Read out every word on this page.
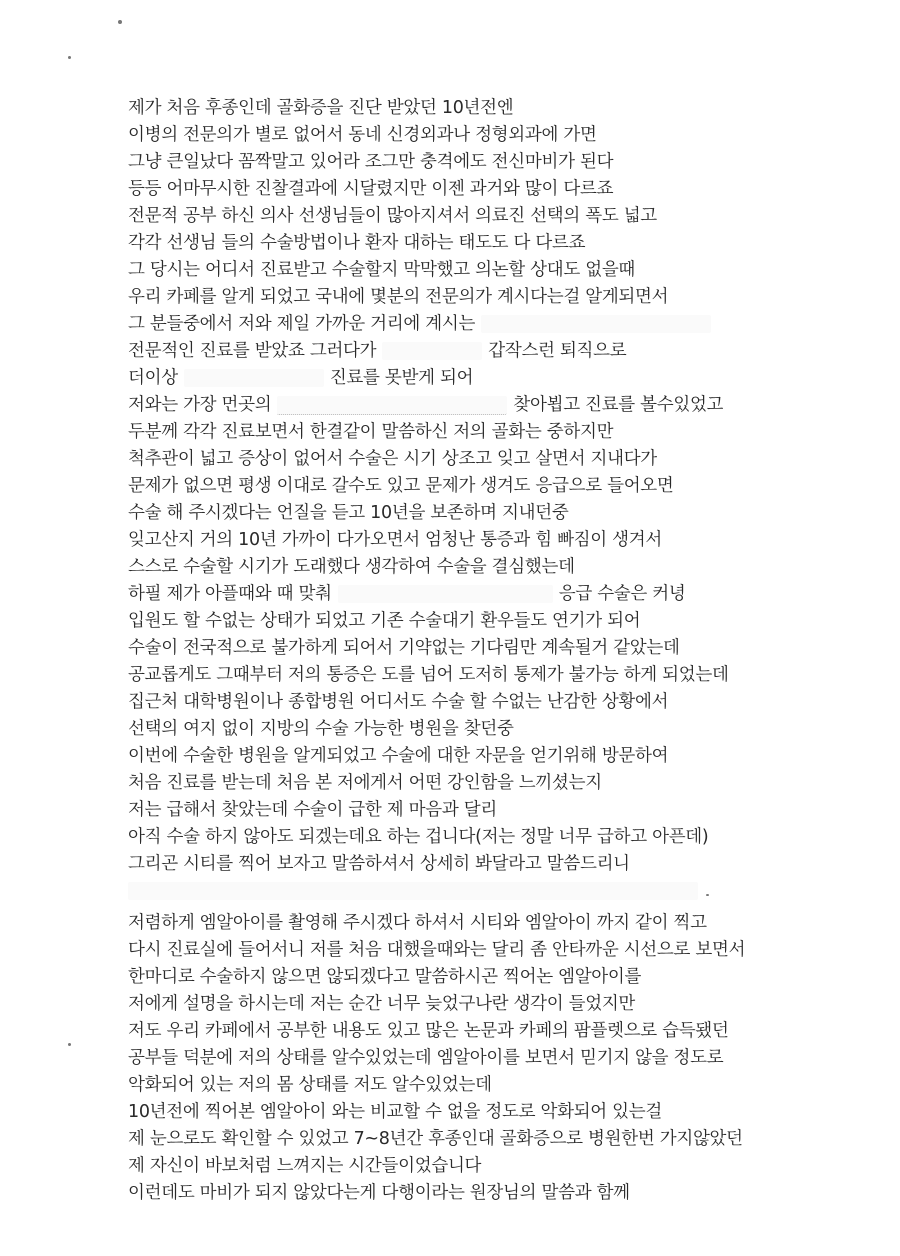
제가 처음 후종인데 골화증을 진단 받았던 10년전엔
이병의 전문의가 별로 없어서 동네 신경외과나 정형외과에 가면
그냥 큰일났다 꼼짝말고 있어라 조그만 충격에도 전신마비가 된다
등등 어마무시한 진찰결과에 시달렸지만 이젠 과거와 많이 다르죠
전문적 공부 하신 의사 선생님들이 많아지셔서 의료진 선택의 폭도 넓고
각각 선생님 들의 수술방법이나 환자 대하는 태도도 다 다르죠
그 당시는 어디서 진료받고 수술할지 막막했고 의논할 상대도 없을때
우리 카페를 알게 되었고 국내에 몇분의 전문의가 계시다는걸 알게되면서
그 분들중에서 저와 제일 가까운 거리에 계시는
전문적인 진료를 받았죠 그러다가	갑작스런 퇴직으로
더이상	진료를 못받게 되어
저와는 가장 먼곳의	찾아뵙고 진료를 볼수있었고
두분께 각각 진료보면서 한결같이 말씀하신 저의 골화는 중하지만
척추관이 넓고 증상이 없어서 수술은 시기 상조고 잊고 살면서 지내다가
문제가 없으면 평생 이대로 갈수도 있고 문제가 생겨도 응급으로 들어오면
수술 해 주시겠다는 언질을 듣고 10년을 보존하며 지내던중
잊고산지 거의 10년 가까이 다가오면서 엄청난 통증과 힘 빠짐이 생겨서
스스로 수술할 시기가 도래했다 생각하여 수술을 결심했는데
하필 제가 아플때와 때 맞춰	응급 수술은 커녕
입원도 할 수없는 상태가 되었고 기존 수술대기 환우들도 연기가 되어
수술이 전국적으로 불가하게 되어서 기약없는 기다림만 계속될거 같았는데
공교롭게도 그때부터 저의 통증은 도를 넘어 도저히 통제가 불가능 하게 되었는데
집근처 대학병원이나 종합병원 어디서도 수술 할 수없는 난감한 상황에서
선택의 여지 없이 지방의 수술 가능한 병원을 찾던중
이번에 수술한 병원을 알게되었고 수술에 대한 자문을 얻기위해 방문하여
처음 진료를 받는데 처음 본 저에게서 어떤 강인함을 느끼셨는지
저는 급해서 찾았는데 수술이 급한 제 마음과 달리
아직 수술 하지 않아도 되겠는데요 하는 겁니다(저는 정말 너무 급하고 아픈데)
그리곤 시티를 찍어 보자고 말씀하셔서 상세히 봐달라고 말씀드리니
저렴하게 엠알아이를 촬영해 주시겠다 하셔서 시티와 엠알아이 까지 같이 찍고
다시 진료실에 들어서니 저를 처음 대했을때와는 달리 좀 안타까운 시선으로 보면서
한마디로 수술하지 않으면 않되겠다고 말씀하시곤 찍어논 엠알아이를
저에게 설명을 하시는데 저는 순간 너무 늦었구나란 생각이 들었지만
저도 우리 카페에서 공부한 내용도 있고 많은 논문과 카페의 팜플렛으로 습득됐던
공부들 덕분에 저의 상태를 알수있었는데 엠알아이를 보면서 믿기지 않을 정도로
악화되어 있는 저의 몸 상태를 저도 알수있었는데
10년전에 찍어본 엠알아이 와는 비교할 수 없을 정도로 악화되어 있는걸
제 눈으로도 확인할 수 있었고 7~8년간 후종인대 골화증으로 병원한번 가지않았던
제 자신이 바보처럼 느껴지는 시간들이었습니다
이런데도 마비가 되지 않았다는게 다행이라는 원장님의 말씀과 함께
